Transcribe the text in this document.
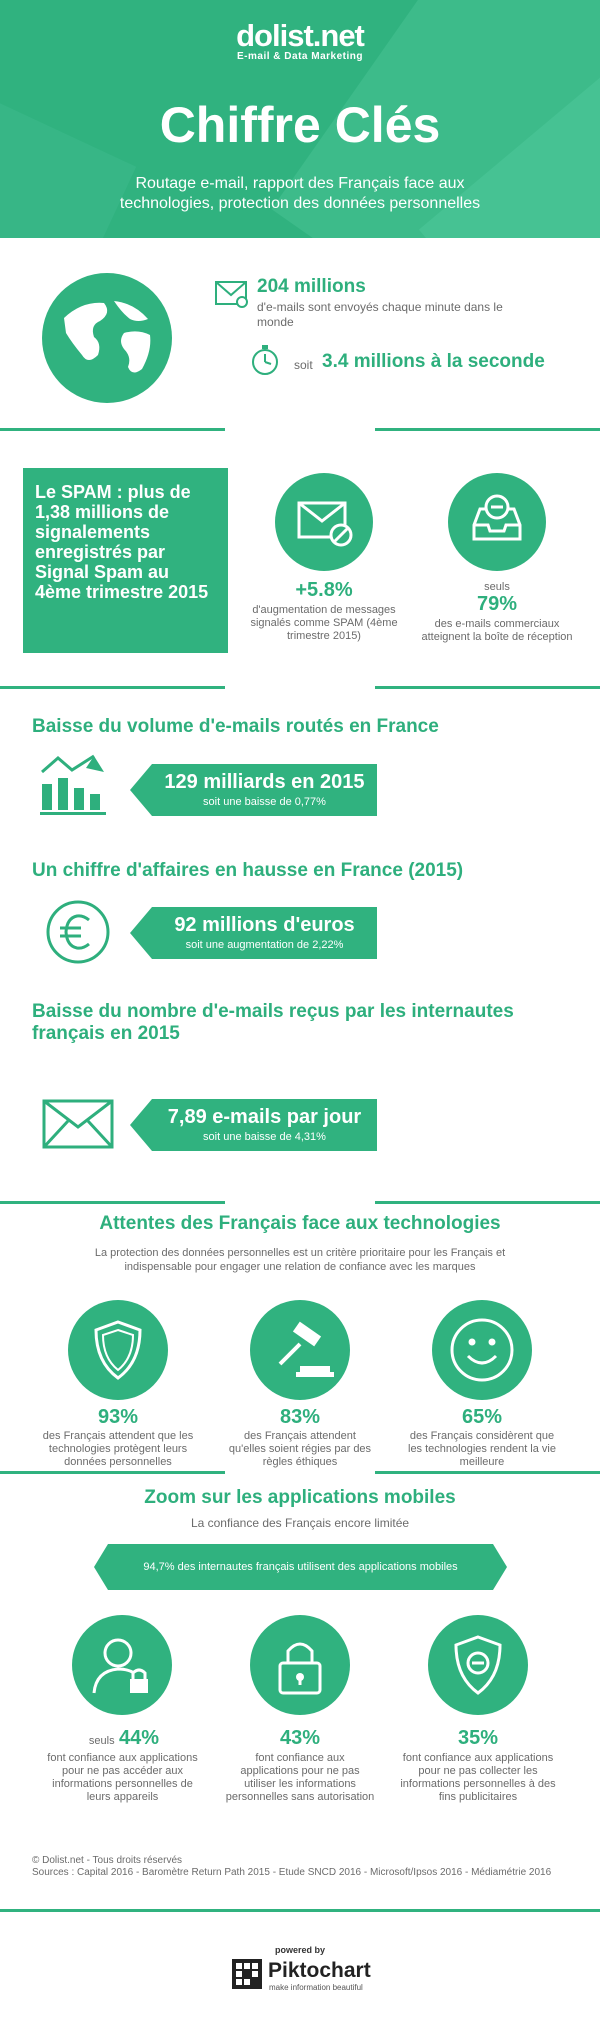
dolist.net
E-mail & Data Marketing
Chiffre Clés
Routage e-mail, rapport des Français face aux technologies, protection des données personnelles
204 millions
d'e-mails sont envoyés chaque minute dans le monde
soit 3.4 millions à la seconde
Le SPAM : plus de 1,38 millions de signalements enregistrés par Signal Spam au 4ème trimestre 2015	+5.8%
d'augmentation de messages signalés comme SPAM (4ème trimestre 2015)
seuls
79%
des e-mails commerciaux atteignent la boîte de réception
Baisse du volume d'e-mails routés en France
129 milliards en 2015
soit une baisse de 0,77%
Un chiffre d'affaires en hausse en France (2015)
92 millions d'euros
soit une augmentation de 2,22%
Baisse du nombre d'e-mails reçus par les internautes français en 2015
7,89 e-mails par jour
soit une baisse de 4,31%
Attentes des Français face aux technologies
La protection des données personnelles est un critère prioritaire pour les Français et indispensable pour engager une relation de confiance avec les marques
93%
des Français attendent que les technologies protègent leurs données personnelles
83%
des Français attendent qu'elles soient régies par des règles éthiques
65%
des Français considèrent que les technologies rendent la vie meilleure
Zoom sur les applications mobiles
La confiance des Français encore limitée
94,7% des internautes français utilisent des applications mobiles
seuls 44%
font confiance aux applications pour ne pas accéder aux informations personnelles de leurs appareils
43%
font confiance aux applications pour ne pas utiliser les informations personnelles sans autorisation
35%
font confiance aux applications pour ne pas collecter les informations personnelles à des fins publicitaires
© Dolist.net - Tous droits réservés
Sources : Capital 2016 - Baromètre Return Path 2015 - Etude SNCD 2016 - Microsoft/Ipsos 2016 - Médiamétrie 2016
powered by
Piktochart
make information beautiful
